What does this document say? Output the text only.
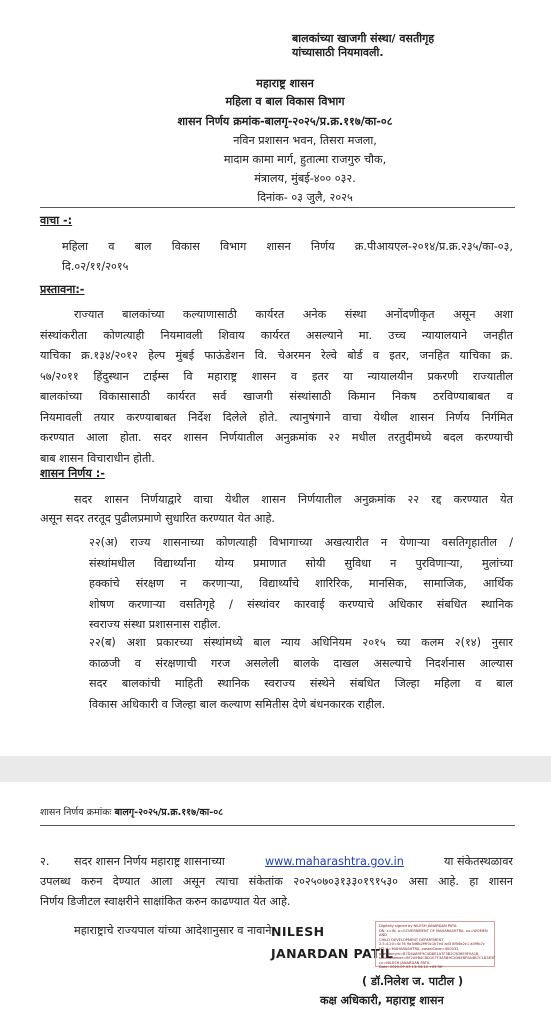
बालकांच्या खाजगी संस्था/ वसतीगृह
यांच्यासाठी नियमावली.
महाराष्ट्र शासन
महिला व बाल विकास विभाग
शासन निर्णय क्रमांक-बालगृ-२०२५/प्र.क्र.११७/का-०८
नविन प्रशासन भवन, तिसरा मजला,
मादाम कामा मार्ग, हुतात्मा राजगुरु चौक,
मंत्रालय, मुंबई-४०० ०३२.
दिनांक- ०३ जुलै, २०२५
वाचा -:
महिला व बाल विकास विभाग शासन निर्णय क्र.पीआयएल-२०१४/प्र.क्र.२३५/का-०३,
दि.०२/११/२०१५
प्रस्तावना:-
राज्यात बालकांच्या कल्याणासाठी कार्यरत अनेक संस्था अनोंदणीकृत असून अशा
संस्थांकरीता कोणत्याही नियमावली शिवाय कार्यरत असल्याने मा. उच्च न्यायालयाने जनहीत
याचिका क्र.१३४/२०१२ हेल्प मुंबई फाऊंडेशन वि. चेअरमन रेल्वे बोर्ड व इतर, जनहित याचिका क्र.
५७/२०११ हिंदुस्थान टाईम्स वि महाराष्ट्र शासन व इतर या न्यायालयीन प्रकरणी राज्यातील
बालकांच्या विकासासाठी कार्यरत सर्व खाजगी संस्थांसाठी किमान निकष ठरविण्याबाबत व
नियमावली तयार करण्याबाबत निर्देश दिलेले होते. त्यानुषंगाने वाचा येथील शासन निर्णय निर्गमित
करण्यात आला होता. सदर शासन निर्णयातील अनुक्रमांक २२ मधील तरतुदीमध्ये बदल करण्याची
बाब शासन विचाराधीन होती.
शासन निर्णय :-
सदर शासन निर्णयाद्वारे वाचा येथील शासन निर्णयातील अनुक्रमांक २२ रद्द करण्यात येत
असून सदर तरतूद पुढीलप्रमाणे सुधारित करण्यात येत आहे.
२२(अ) राज्य शासनाच्या कोणत्याही विभागाच्या अखत्यारीत न येणाऱ्या वसतिगृहातील /
संस्थांमधील विद्यार्थ्यांना योग्य प्रमाणात सोयी सुविधा न पुरविणाऱ्या, मुलांच्या
हक्कांचे संरक्षण न करणाऱ्या, विद्यार्थ्यांचे शारिरिक, मानसिक, सामाजिक, आर्थिक
शोषण करणाऱ्या वसतिगृहे / संस्थांवर कारवाई करण्याचे अधिकार संबधित स्थानिक
स्वराज्य संस्था प्रशासनास राहील.
२२(ब) अशा प्रकारच्या संस्थांमध्ये बाल न्याय अधिनियम २०१५ च्या कलम २(१४) नुसार
काळजी व संरक्षणाची गरज असलेली बालके दाखल असल्याचे निदर्शनास आल्यास
सदर बालकांची माहिती स्थानिक स्वराज्य संस्थेने संबधित जिल्हा महिला व बाल
विकास अधिकारी व जिल्हा बाल कल्याण समितीस देणे बंधनकारक राहील.
शासन निर्णय क्रमांकः बालगृ-२०२५/प्र.क्र.११७/का-०८
२. सदर शासन निर्णय महाराष्ट्र शासनाच्या	www.maharashtra.gov.in	या संकेतस्थळावर
उपलब्ध करुन देण्यात आला असून त्याचा संकेतांक २०२५०७०३१३३०१९१५३० असा आहे. हा शासन
निर्णय डिजीटल स्वाक्षरीने साक्षांकित करुन काढण्यात येत आहे.
महाराष्ट्राचे राज्यपाल यांच्या आदेशानुसार व नावाने.
NILESH
JANARDAN PATIL
Digitally signed by NILESH JANARDAN PATIL
DN: c=IN, o=GOVERNMENT OF MAHARASHTRA, ou=WOMEN AND
CHILD DEVELOPMENT DEPARTMENT,
2.5.4.20=4c76 9a3d6b2f9f0c1b7e4 ad3 8f56e2c1 a0f9b7c
MT,st=MAHARASHTRA, postalCode=400032,
pseudonym=B7D4A89F9C4D8E1A7F3B2C5D6E9F0A1B,
serialNumber=6F2A9B4C8D1E7F3A5B9C2D6E8F0A4B7C1D3E5F
cn=NILESH JANARDAN PATIL
Date: 2025.07.03 13:34:14 +05'30'
( डॉ.निलेश ज. पाटील )
कक्ष अधिकारी, महाराष्ट्र शासन
